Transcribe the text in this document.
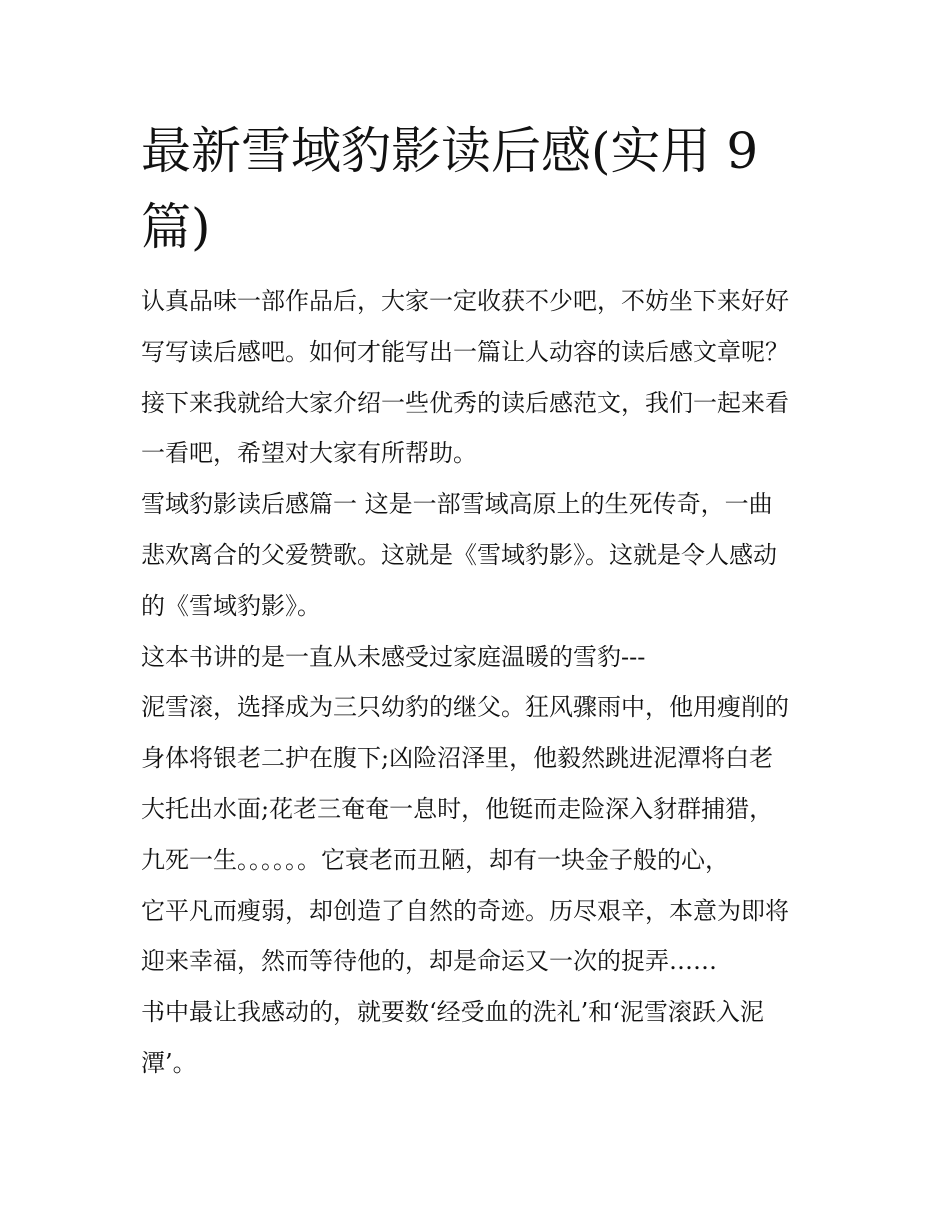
最新雪域豹影读后感(实用 9
篇)
认真品味一部作品后，大家一定收获不少吧，不妨坐下来好好
写写读后感吧。如何才能写出一篇让人动容的读后感文章呢？
接下来我就给大家介绍一些优秀的读后感范文，我们一起来看
一看吧，希望对大家有所帮助。
雪域豹影读后感篇一 这是一部雪域高原上的生死传奇，一曲
悲欢离合的父爱赞歌。这就是《雪域豹影》。这就是令人感动
的《雪域豹影》。
这本书讲的是一直从未感受过家庭温暖的雪豹---
泥雪滚，选择成为三只幼豹的继父。狂风骤雨中，他用瘦削的
身体将银老二护在腹下;凶险沼泽里，他毅然跳进泥潭将白老
大托出水面;花老三奄奄一息时，他铤而走险深入豺群捕猎，
九死一生。。。。。。它衰老而丑陋，却有一块金子般的心，
它平凡而瘦弱，却创造了自然的奇迹。历尽艰辛，本意为即将
迎来幸福，然而等待他的，却是命运又一次的捉弄……
书中最让我感动的，就要数‘经受血的洗礼’和‘泥雪滚跃入泥
潭’。
